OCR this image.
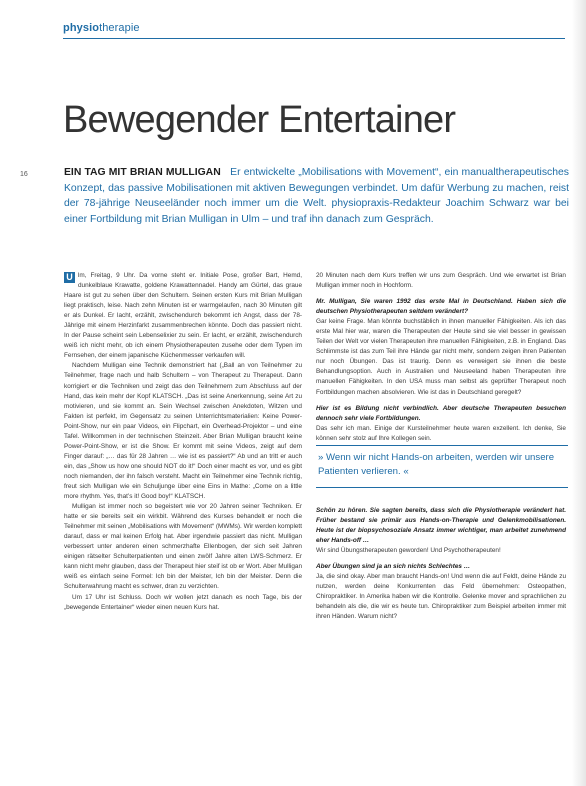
physiotherapie
Bewegender Entertainer
16	EIN TAG MIT BRIAN MULLIGAN Er entwickelte „Mobilisations with Movement“, ein manualtherapeutisches Konzept, das passive Mobilisationen mit aktiven Bewegungen verbindet. Um dafür Werbung zu machen, reist der 78-jährige Neuseeländer noch immer um die Welt. physiopraxis-Redakteur Joachim Schwarz war bei einer Fortbildung mit Brian Mulligan in Ulm – und traf ihn danach zum Gespräch.

U lm, Freitag, 9 Uhr. Da vorne steht er. Initiale Pose, großer Bart, Hemd, dunkelblaue Krawatte, goldene Krawattennadel. Handy am Gürtel, das graue Haare ist gut zu sehen über den Schultern. Seinen ersten Kurs mit Brian Mulligan liegt praktisch, leise. Nach zehn Minuten ist er warmgelaufen, nach 30 Minuten gilt er als Dunkel. Er lacht, erzählt, zwischendurch bekommt ich Angst, dass der 78-Jährige mit einem Herzinfarkt zusammenbrechen könnte. Doch das passiert nicht. In der Pause scheint sein Lebenselixier zu sein. Er lacht, er erzählt, zwischendurch weiß ich nicht mehr, ob ich einem Physiotherapeuten zusehe oder dem Typen im Fernsehen, der einem japanische Küchenmesser verkaufen will.

Nachdem Mulligan eine Technik demonstriert hat („Ball an von Teilnehmer zu Teilnehmer, frage nach und halb Schultern – von Therapeut zu Therapeut. Dann korrigiert er die Techniken und zeigt das den Teilnehmern zum Abschluss auf der Hand, das kein mehr der Kopf KLATSCH. „Das ist seine Anerkennung, seine Art zu motivieren, und sie kommt an. Sein Wechsel zwischen Anekdoten, Witzen und Fakten ist perfekt, im Gegensatz zu seinen Unterrichtsmaterialien: Keine Power-Point-Show, nur ein paar Videos, ein Flipchart, ein Overhead-Projektor – und eine Tafel. Willkommen in der technischen Steinzeit. Aber Brian Mulligan braucht keine Power-Point-Show, er ist die Show. Er kommt mit seine Videos, zeigt auf dem Finger darauf: „… das für 28 Jahren … wie ist es passiert?“ Ab und an tritt er auch ein, das „Show us how one should NOT do it!“ Doch einer macht es vor, und es gibt noch niemanden, der ihn falsch versteht. Macht ein Teilnehmer eine Technik richtig, freut sich Mulligan wie ein Schuljunge über eine Eins in Mathe: „Come on a little more rhythm. Yes, that’s it! Good boy!“ KLATSCH.

Mulligan ist immer noch so begeistert wie vor 20 Jahren seiner Techniken. Er hatte er sie bereits seit ein wirkbit. Während des Kurses behandelt er noch die Teilnehmer mit seinen „Mobilisations with Movement“ (MWMs). Wir werden komplett darauf, dass er mal keinen Erfolg hat. Aber irgendwie passiert das nicht. Mulligan verbessert unter anderen einen schmerzhafte Ellenbogen, der sich seit Jahren einigen rätselter Schulterpatienten und einen zwölf Jahre alten LWS-Schmerz. Er kann nicht mehr glauben, dass der Therapeut hier steif ist ob er Wort. Aber Mulligan weiß es einfach seine Formel: Ich bin der Meister, Ich bin der Meister. Denn die Schulterwahrung macht es schwer, dran zu verzichten.

Um 17 Uhr ist Schluss. Doch wir wollen jetzt danach es noch Tage, bis der „bewegende Entertainer“ wieder einen neuen Kurs hat.

20 Minuten nach dem Kurs treffen wir uns zum Gespräch. Und wie erwartet ist Brian Mulligan immer noch in Hochform.

Mr. Mulligan, Sie waren 1992 das erste Mal in Deutschland. Haben sich die deutschen Physiotherapeuten seitdem verändert?

Gar keine Frage. Man könnte buchstäblich in ihnen manueller Fähigkeiten. Als ich das erste Mal hier war, waren die Therapeuten der Heute sind sie viel besser in gewissen Teilen der Welt vor vielen Therapeuten ihre manuellen Fähigkeiten, z.B. in England. Das Schlimmste ist das zum Teil ihre Hände gar nicht mehr, sondern zeigen ihren Patienten nur noch Übungen. Das ist traurig. Denn es verweigert sie ihnen die beste Behandlungsoption. Auch in Australien und Neuseeland haben Therapeuten ihre manuellen Fähigkeiten. In den USA muss man selbst als geprüfter Therapeut noch Fortbildungen machen absolvieren. Wie ist das in Deutschland geregelt?

Hier ist es Bildung nicht verbindlich. Aber deutsche Therapeuten besuchen dennoch sehr viele Fortbildungen.

Das sehr ich man. Einige der Kursteilnehmer heute waren exzellent. Ich denke, Sie können sehr stolz auf Ihre Kollegen sein.

» Wenn wir nicht Hands-on arbeiten, werden wir unsere Patienten verlieren. «

Schön zu hören. Sie sagten bereits, dass sich die Physiotherapie verändert hat. Früher bestand sie primär aus Hands-on-Therapie und Gelenkmobilisationen. Heute ist der biopsychosoziale Ansatz immer wichtiger, man arbeitet zunehmend eher Hands-off …

Wir sind Übungstherapeuten geworden! Und Psychotherapeuten!

Aber Übungen sind ja an sich nichts Schlechtes …

Ja, die sind okay. Aber man braucht Hands-on! Und wenn die auf Feldt, deine Hände zu nutzen, werden deine Konkurrenten das Feld übernehmen: Osteopathen, Chiropraktiker. In Amerika haben wir die Kontrolle. Gelenke mover and sprachlichen zu behandeln als die, die wir es heute tun. Chiropraktiker zum Beispiel arbeiten immer mit ihren Händen. Warum nicht?
